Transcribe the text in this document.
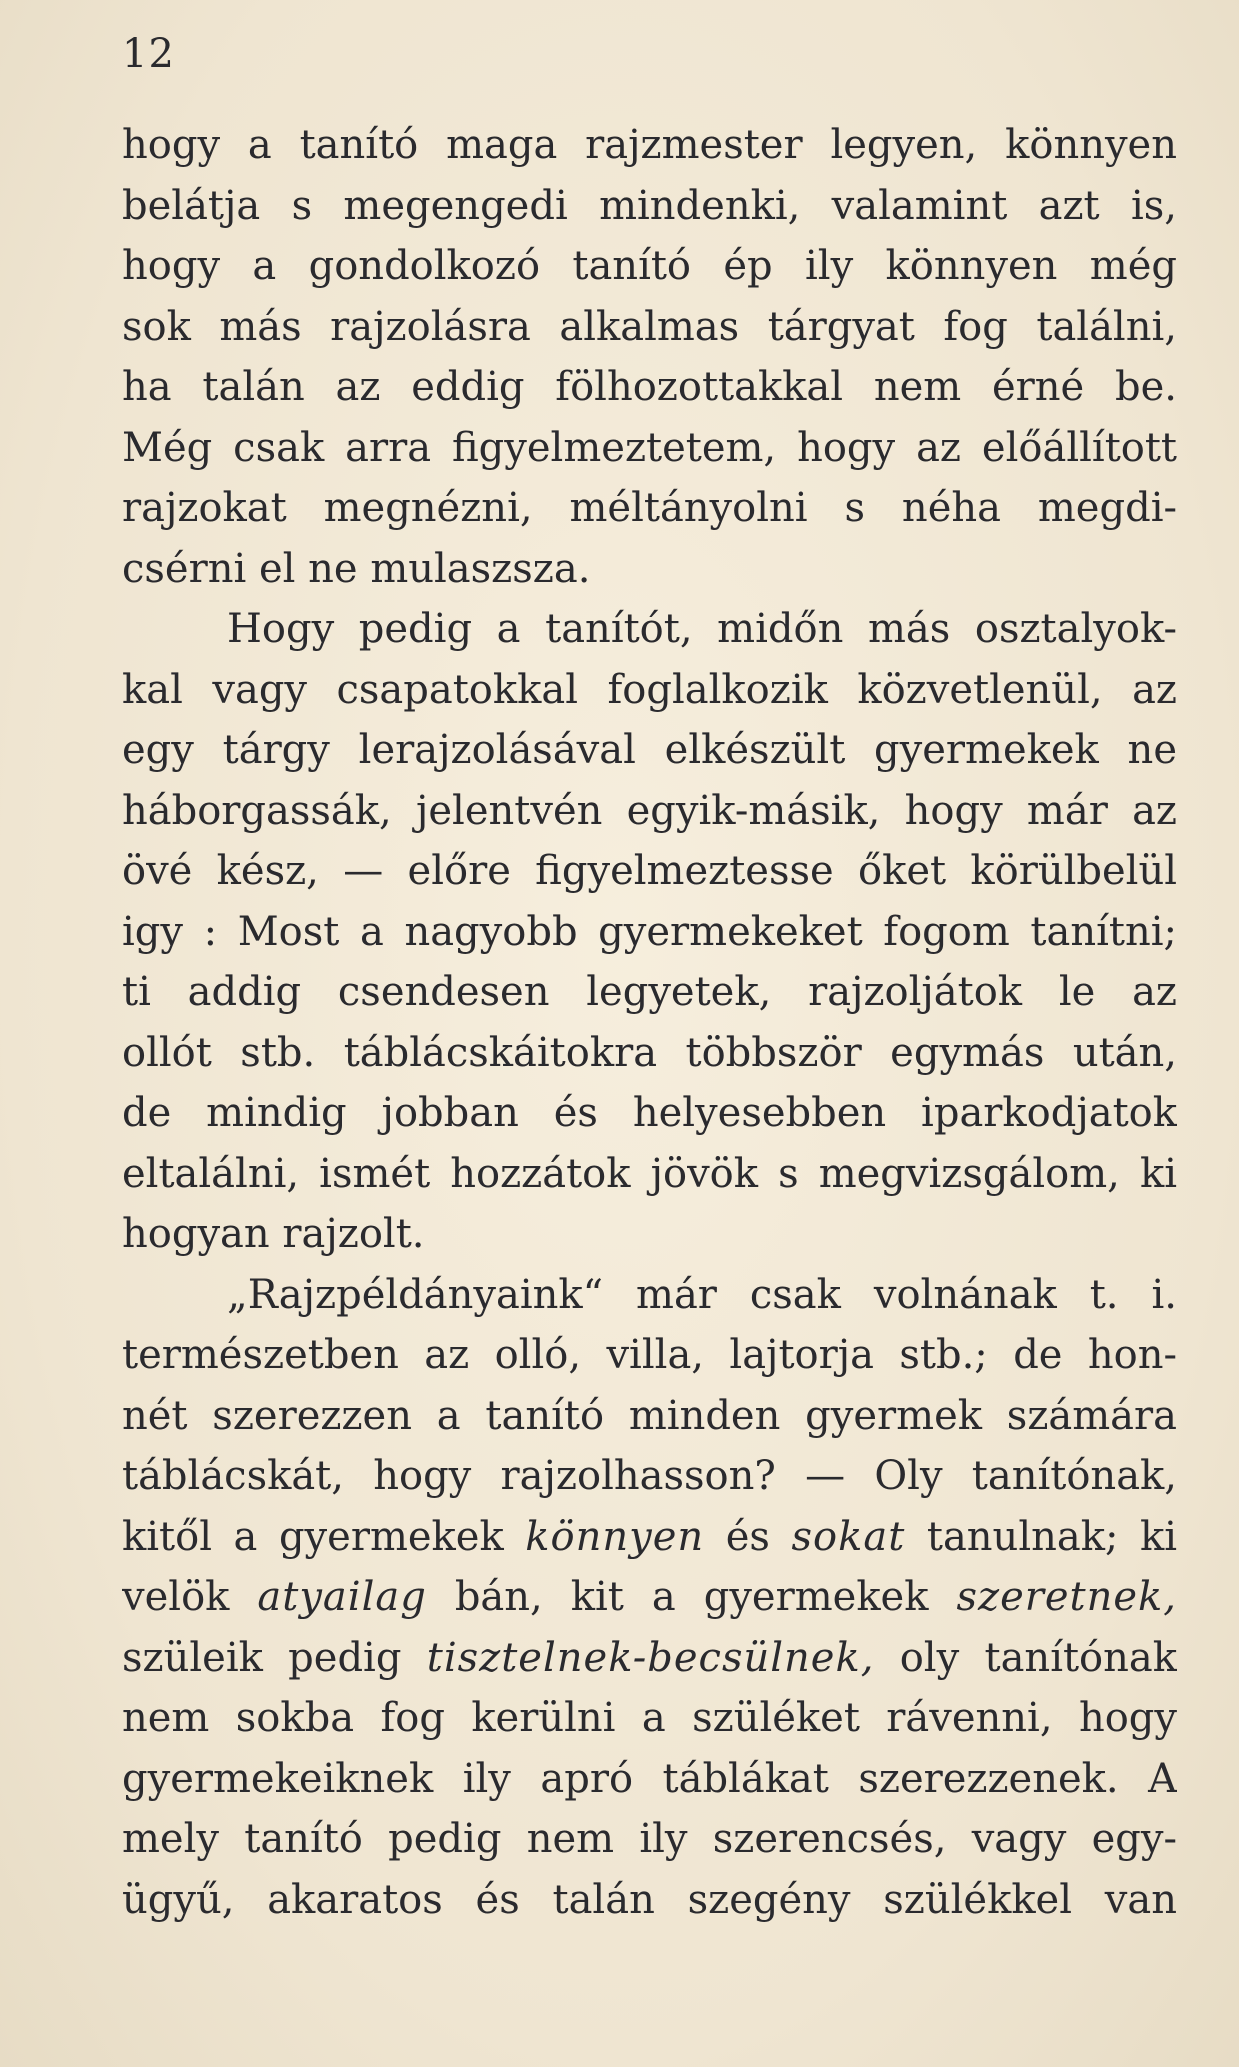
12
hogy a tanító maga rajzmester legyen, könnyen
belátja s megengedi mindenki, valamint azt is,
hogy a gondolkozó tanító ép ily könnyen még
sok más rajzolásra alkalmas tárgyat fog találni,
ha talán az eddig fölhozottakkal nem érné be.
Még csak arra figyelmeztetem, hogy az előállított
rajzokat megnézni, méltányolni s néha megdi-
csérni el ne mulaszsza.
Hogy pedig a tanítót, midőn más osztalyok-
kal vagy csapatokkal foglalkozik közvetlenül, az
egy tárgy lerajzolásával elkészült gyermekek ne
háborgassák, jelentvén egyik-másik, hogy már az
övé kész, — előre figyelmeztesse őket körülbelül
igy : Most a nagyobb gyermekeket fogom tanítni;
ti addig csendesen legyetek, rajzoljátok le az
ollót stb. táblácskáitokra többször egymás után,
de mindig jobban és helyesebben iparkodjatok
eltalálni, ismét hozzátok jövök s megvizsgálom, ki
hogyan rajzolt.
„Rajzpéldányaink“ már csak volnának t. i.
természetben az olló, villa, lajtorja stb.; de hon-
nét szerezzen a tanító minden gyermek számára
táblácskát, hogy rajzolhasson? — Oly tanítónak,
kitől a gyermekek könnyen és sokat tanulnak; ki
velök atyailag bán, kit a gyermekek szeretnek,
szüleik pedig tisztelnek-becsülnek, oly tanítónak
nem sokba fog kerülni a szüléket rávenni, hogy
gyermekeiknek ily apró táblákat szerezzenek. A
mely tanító pedig nem ily szerencsés, vagy egy-
ügyű, akaratos és talán szegény szülékkel van
